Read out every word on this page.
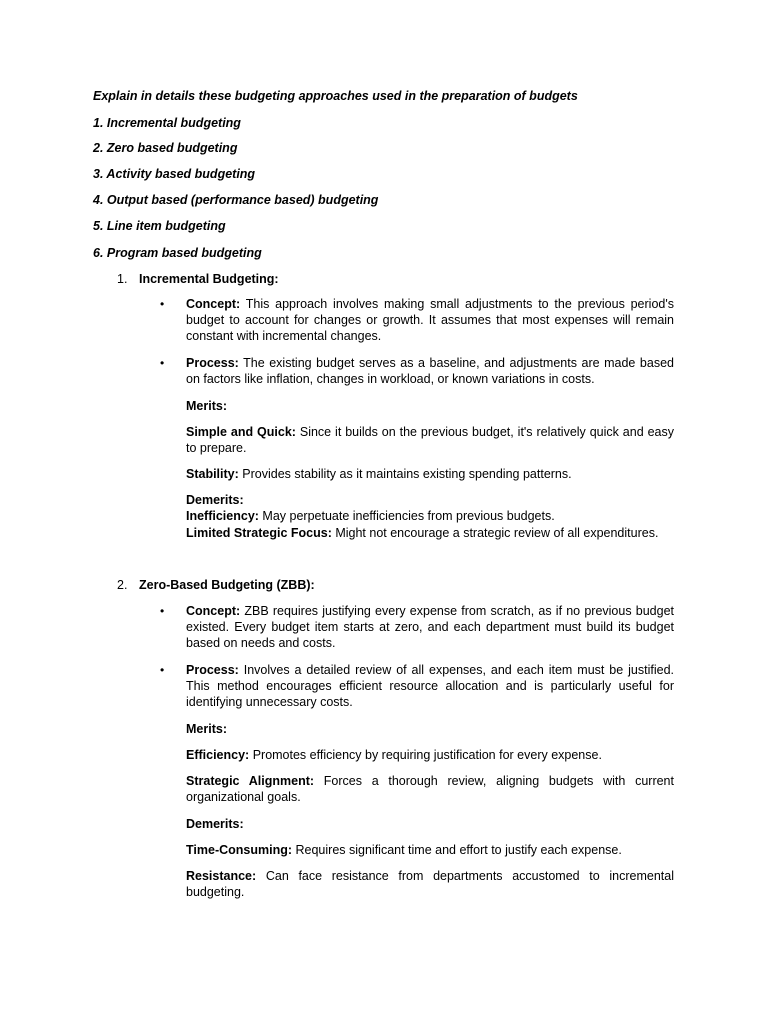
Explain in details these budgeting approaches used in the preparation of budgets
1. Incremental budgeting
2. Zero based budgeting
3. Activity based budgeting
4. Output based (performance based) budgeting
5. Line item budgeting
6. Program based budgeting
1. Incremental Budgeting:
• Concept: This approach involves making small adjustments to the previous period's budget to account for changes or growth. It assumes that most expenses will remain constant with incremental changes.
• Process: The existing budget serves as a baseline, and adjustments are made based on factors like inflation, changes in workload, or known variations in costs.
Merits:
Simple and Quick: Since it builds on the previous budget, it's relatively quick and easy to prepare.
Stability: Provides stability as it maintains existing spending patterns.
Demerits:
Inefficiency: May perpetuate inefficiencies from previous budgets.
Limited Strategic Focus: Might not encourage a strategic review of all expenditures.
2. Zero-Based Budgeting (ZBB):
• Concept: ZBB requires justifying every expense from scratch, as if no previous budget existed. Every budget item starts at zero, and each department must build its budget based on needs and costs.
• Process: Involves a detailed review of all expenses, and each item must be justified. This method encourages efficient resource allocation and is particularly useful for identifying unnecessary costs.
Merits:
Efficiency: Promotes efficiency by requiring justification for every expense.
Strategic Alignment: Forces a thorough review, aligning budgets with current organizational goals.
Demerits:
Time-Consuming: Requires significant time and effort to justify each expense.
Resistance: Can face resistance from departments accustomed to incremental budgeting.
